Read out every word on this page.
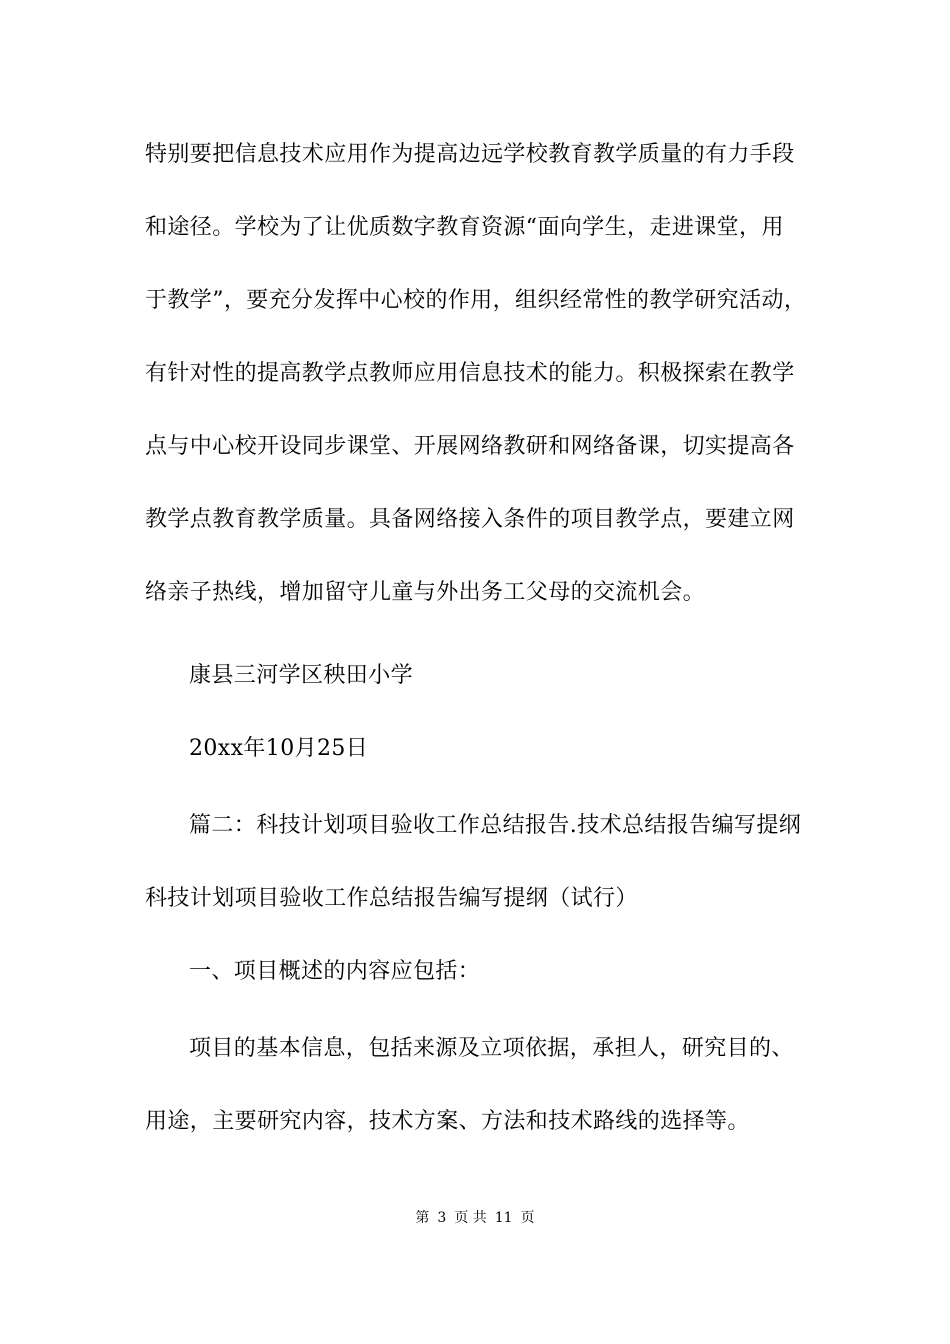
特别要把信息技术应用作为提高边远学校教育教学质量的有力手段
和途径。学校为了让优质数字教育资源“面向学生，走进课堂，用
于教学”，要充分发挥中心校的作用，组织经常性的教学研究活动，
有针对性的提高教学点教师应用信息技术的能力。积极探索在教学
点与中心校开设同步课堂、开展网络教研和网络备课，切实提高各
教学点教育教学质量。具备网络接入条件的项目教学点，要建立网
络亲子热线，增加留守儿童与外出务工父母的交流机会。
康县三河学区秧田小学
20xx年10月25日
篇二：科技计划项目验收工作总结报告.技术总结报告编写提纲
科技计划项目验收工作总结报告编写提纲（试行）
一、项目概述的内容应包括：
项目的基本信息，包括来源及立项依据，承担人，研究目的、
用途，主要研究内容，技术方案、方法和技术路线的选择等。
第 3 页 共 11 页
